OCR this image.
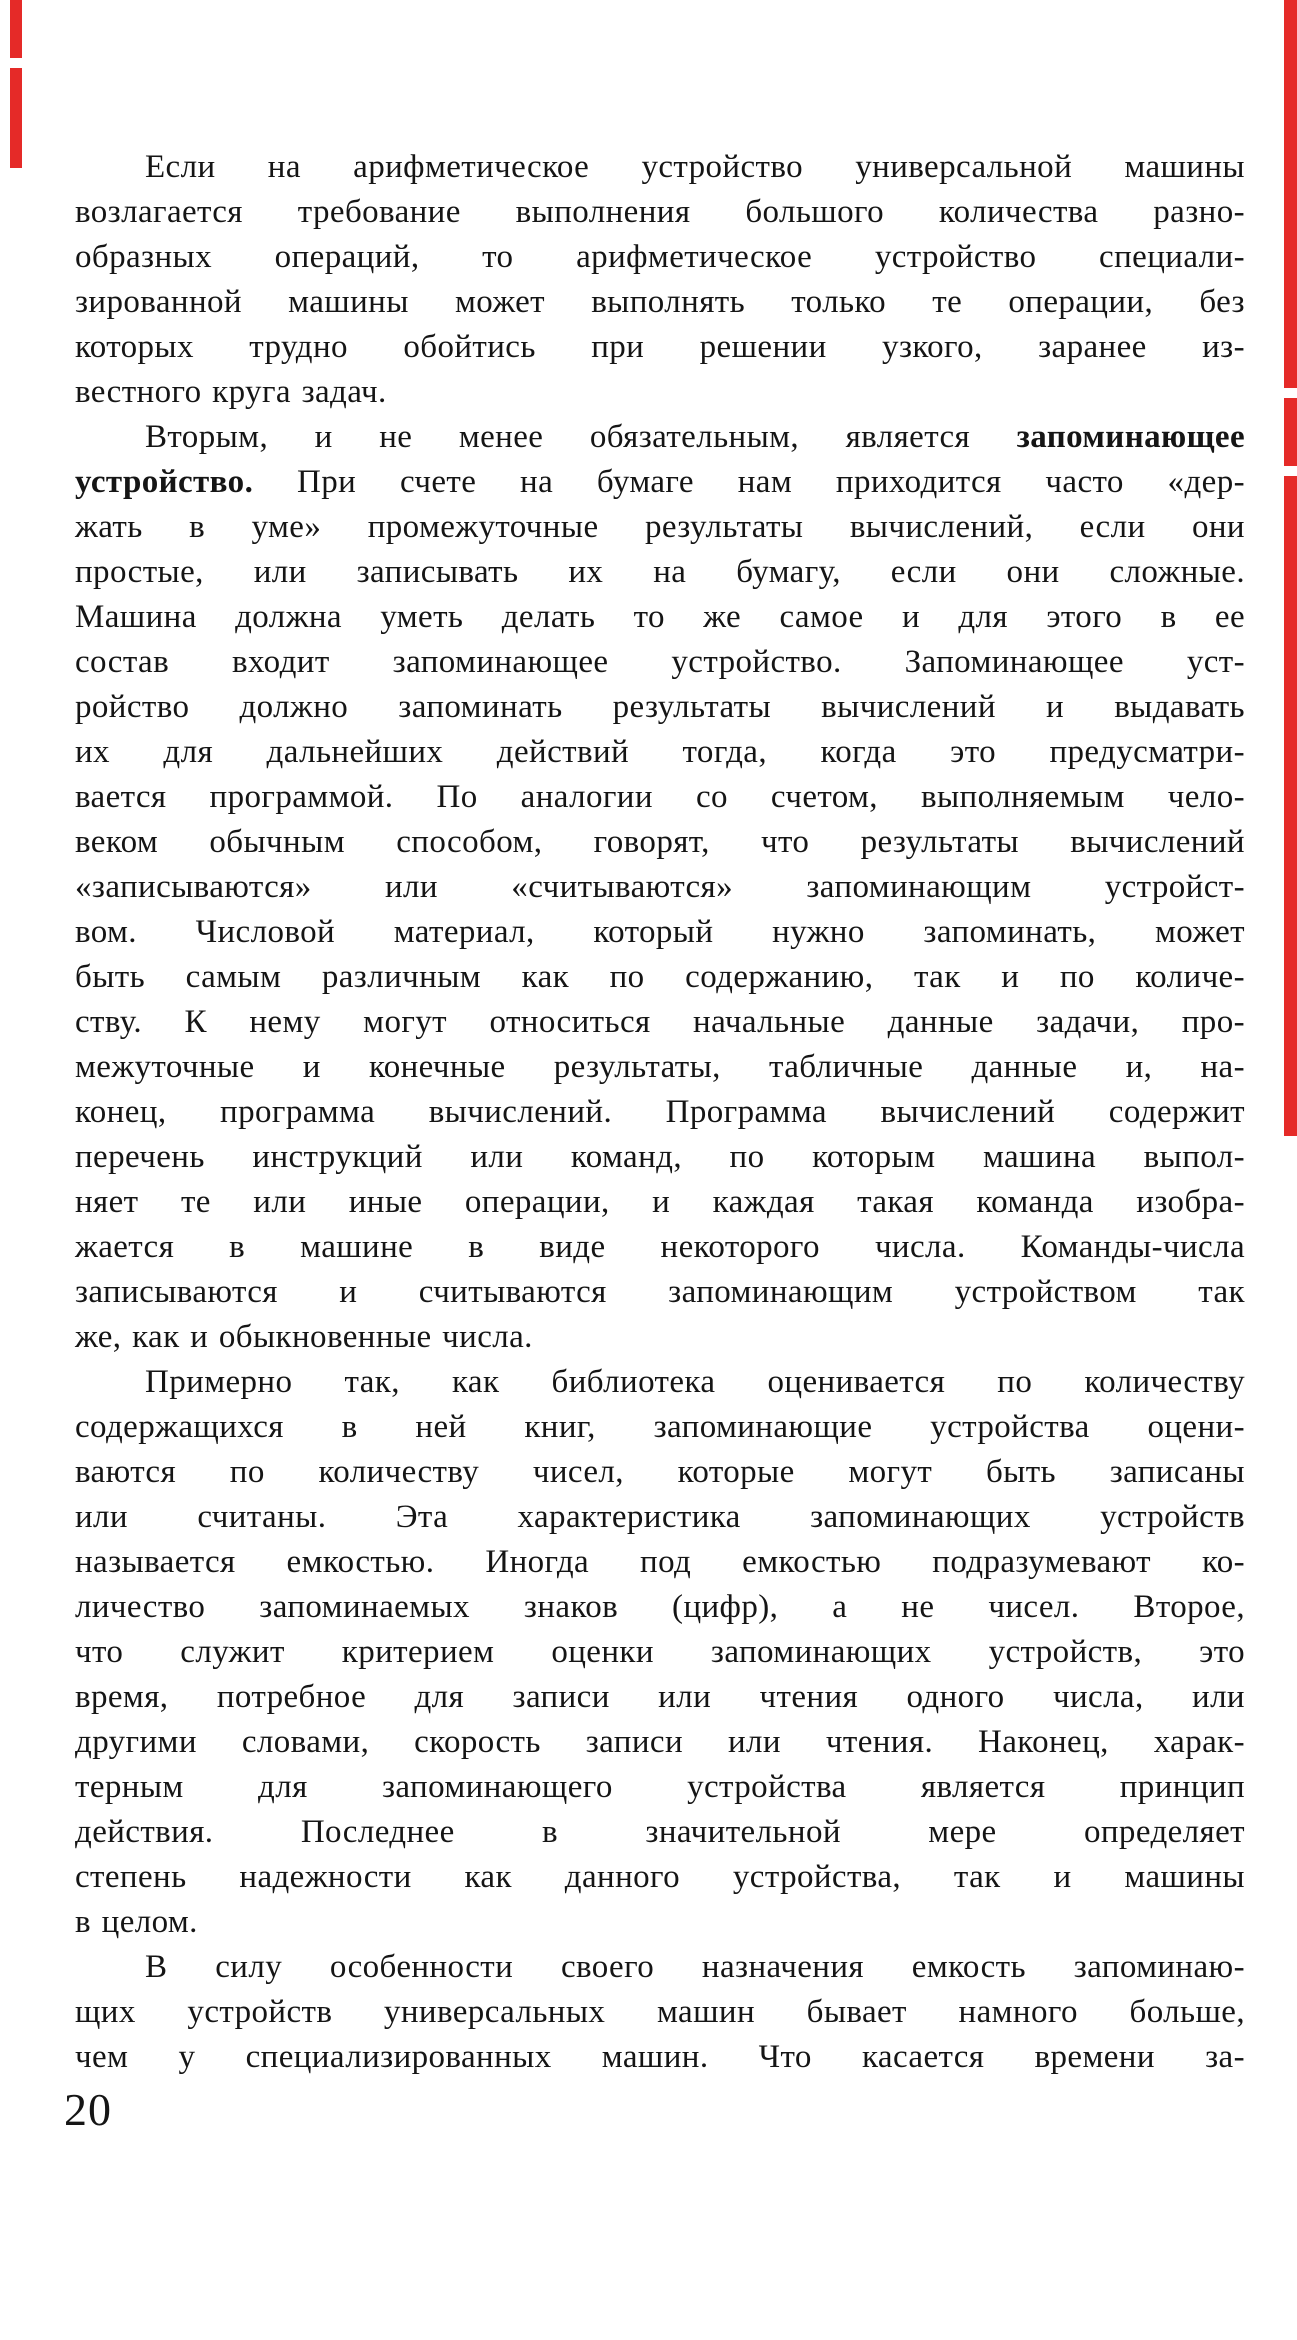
Если на арифметическое устройство универсальной машины
возлагается требование выполнения большого количества разно-
образных операций, то арифметическое устройство специали-
зированной машины может выполнять только те операции, без
которых трудно обойтись при решении узкого, заранее из-
вестного круга задач.
Вторым, и не менее обязательным, является запоминающее
устройство. При счете на бумаге нам приходится часто «дер-
жать в уме» промежуточные результаты вычислений, если они
простые, или записывать их на бумагу, если они сложные.
Машина должна уметь делать то же самое и для этого в ее
состав входит запоминающее устройство. Запоминающее уст-
ройство должно запоминать результаты вычислений и выдавать
их для дальнейших действий тогда, когда это предусматри-
вается программой. По аналогии со счетом, выполняемым чело-
веком обычным способом, говорят, что результаты вычислений
«записываются» или «считываются» запоминающим устройст-
вом. Числовой материал, который нужно запоминать, может
быть самым различным как по содержанию, так и по количе-
ству. К нему могут относиться начальные данные задачи, про-
межуточные и конечные результаты, табличные данные и, на-
конец, программа вычислений. Программа вычислений содержит
перечень инструкций или команд, по которым машина выпол-
няет те или иные операции, и каждая такая команда изобра-
жается в машине в виде некоторого числа. Команды-числа
записываются и считываются запоминающим устройством так
же, как и обыкновенные числа.
Примерно так, как библиотека оценивается по количеству
содержащихся в ней книг, запоминающие устройства оцени-
ваются по количеству чисел, которые могут быть записаны
или считаны. Эта характеристика запоминающих устройств
называется емкостью. Иногда под емкостью подразумевают ко-
личество запоминаемых знаков (цифр), а не чисел. Второе,
что служит критерием оценки запоминающих устройств, это
время, потребное для записи или чтения одного числа, или
другими словами, скорость записи или чтения. Наконец, харак-
терным для запоминающего устройства является принцип
действия. Последнее в значительной мере определяет
степень надежности как данного устройства, так и машины
в целом.
В силу особенности своего назначения емкость запоминаю-
щих устройств универсальных машин бывает намного больше,
чем у специализированных машин. Что касается времени за-
20
